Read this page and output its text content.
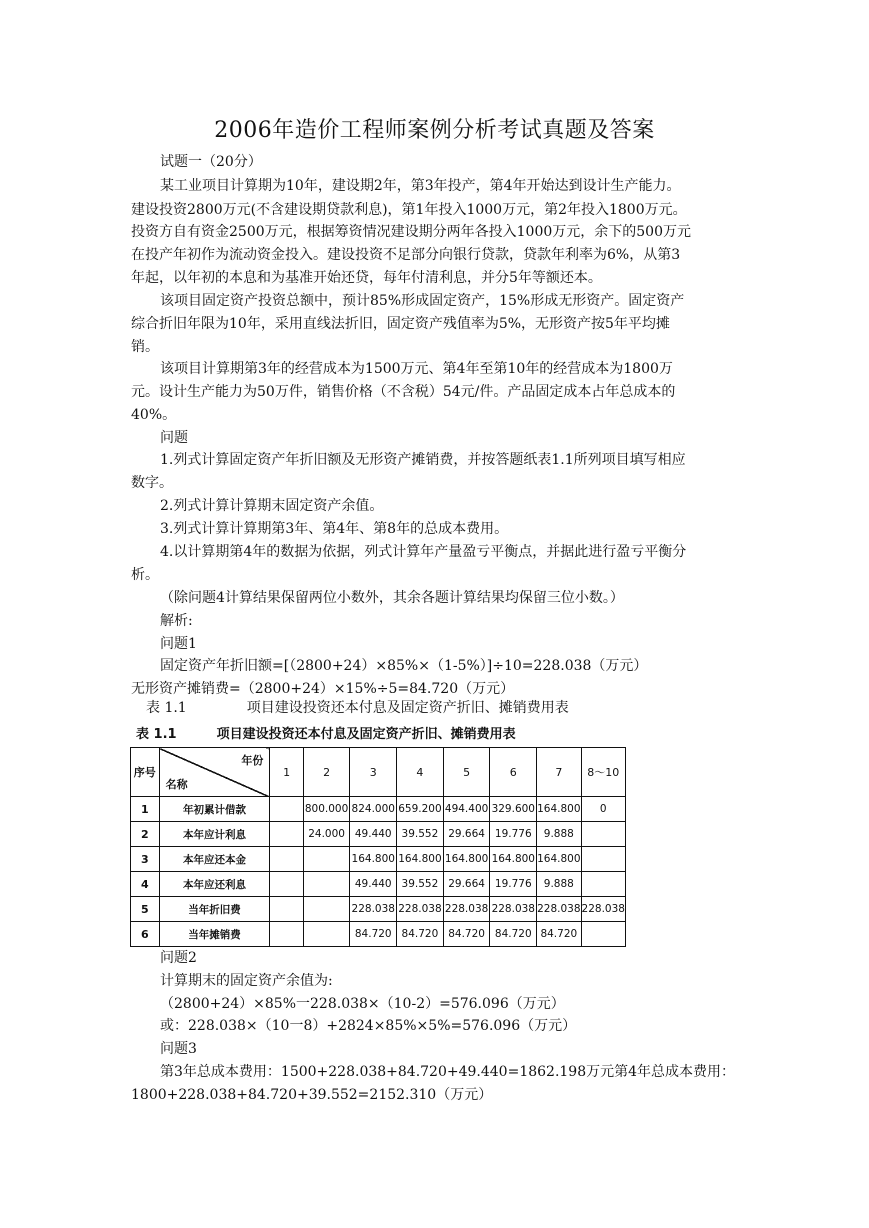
2006年造价工程师案例分析考试真题及答案
试题一（20分）
某工业项目计算期为10年，建设期2年，第3年投产，第4年开始达到设计生产能力。
建设投资2800万元(不含建设期贷款利息)，第1年投入1000万元，第2年投入1800万元。
投资方自有资金2500万元，根据筹资情况建设期分两年各投入1000万元，余下的500万元
在投产年初作为流动资金投入。建设投资不足部分向银行贷款，贷款年利率为6%，从第3
年起，以年初的本息和为基准开始还贷，每年付清利息，并分5年等额还本。
该项目固定资产投资总额中，预计85%形成固定资产，15%形成无形资产。固定资产
综合折旧年限为10年，采用直线法折旧，固定资产残值率为5%，无形资产按5年平均摊
销。
该项目计算期第3年的经营成本为1500万元、第4年至第10年的经营成本为1800万
元。设计生产能力为50万件，销售价格（不含税）54元/件。产品固定成本占年总成本的
40%。
问题
1.列式计算固定资产年折旧额及无形资产摊销费，并按答题纸表1.1所列项目填写相应
数字。
2.列式计算计算期末固定资产余值。
3.列式计算计算期第3年、第4年、第8年的总成本费用。
4.以计算期第4年的数据为依据，列式计算年产量盈亏平衡点，并据此进行盈亏平衡分
析。
（除问题4计算结果保留两位小数外，其余各题计算结果均保留三位小数。）
解析:
问题1
固定资产年折旧额=[（2800+24）×85%×（1-5%）]÷10=228.038（万元）
无形资产摊销费=（2800+24）×15%÷5=84.720（万元）
表 1.1	项目建设投资还本付息及固定资产折旧、摊销费用表
表 1.1	项目建设投资还本付息及固定资产折旧、摊销费用表
序号	年份
名称	1	2	3	4	5	6	7	8～10
1	年初累计借款		800.000	824.000	659.200	494.400	329.600	164.800	0
2	本年应计利息		24.000	49.440	39.552	29.664	19.776	9.888	
3	本年应还本金			164.800	164.800	164.800	164.800	164.800	
4	本年应还利息			49.440	39.552	29.664	19.776	9.888	
5	当年折旧费			228.038	228.038	228.038	228.038	228.038	228.038
6	当年摊销费			84.720	84.720	84.720	84.720	84.720	
问题2
计算期末的固定资产余值为:
（2800+24）×85%一228.038×（10-2）=576.096（万元）
或：228.038×（10一8）+2824×85%×5%=576.096（万元）
问题3
第3年总成本费用：1500+228.038+84.720+49.440=1862.198万元第4年总成本费用：
1800+228.038+84.720+39.552=2152.310（万元）
